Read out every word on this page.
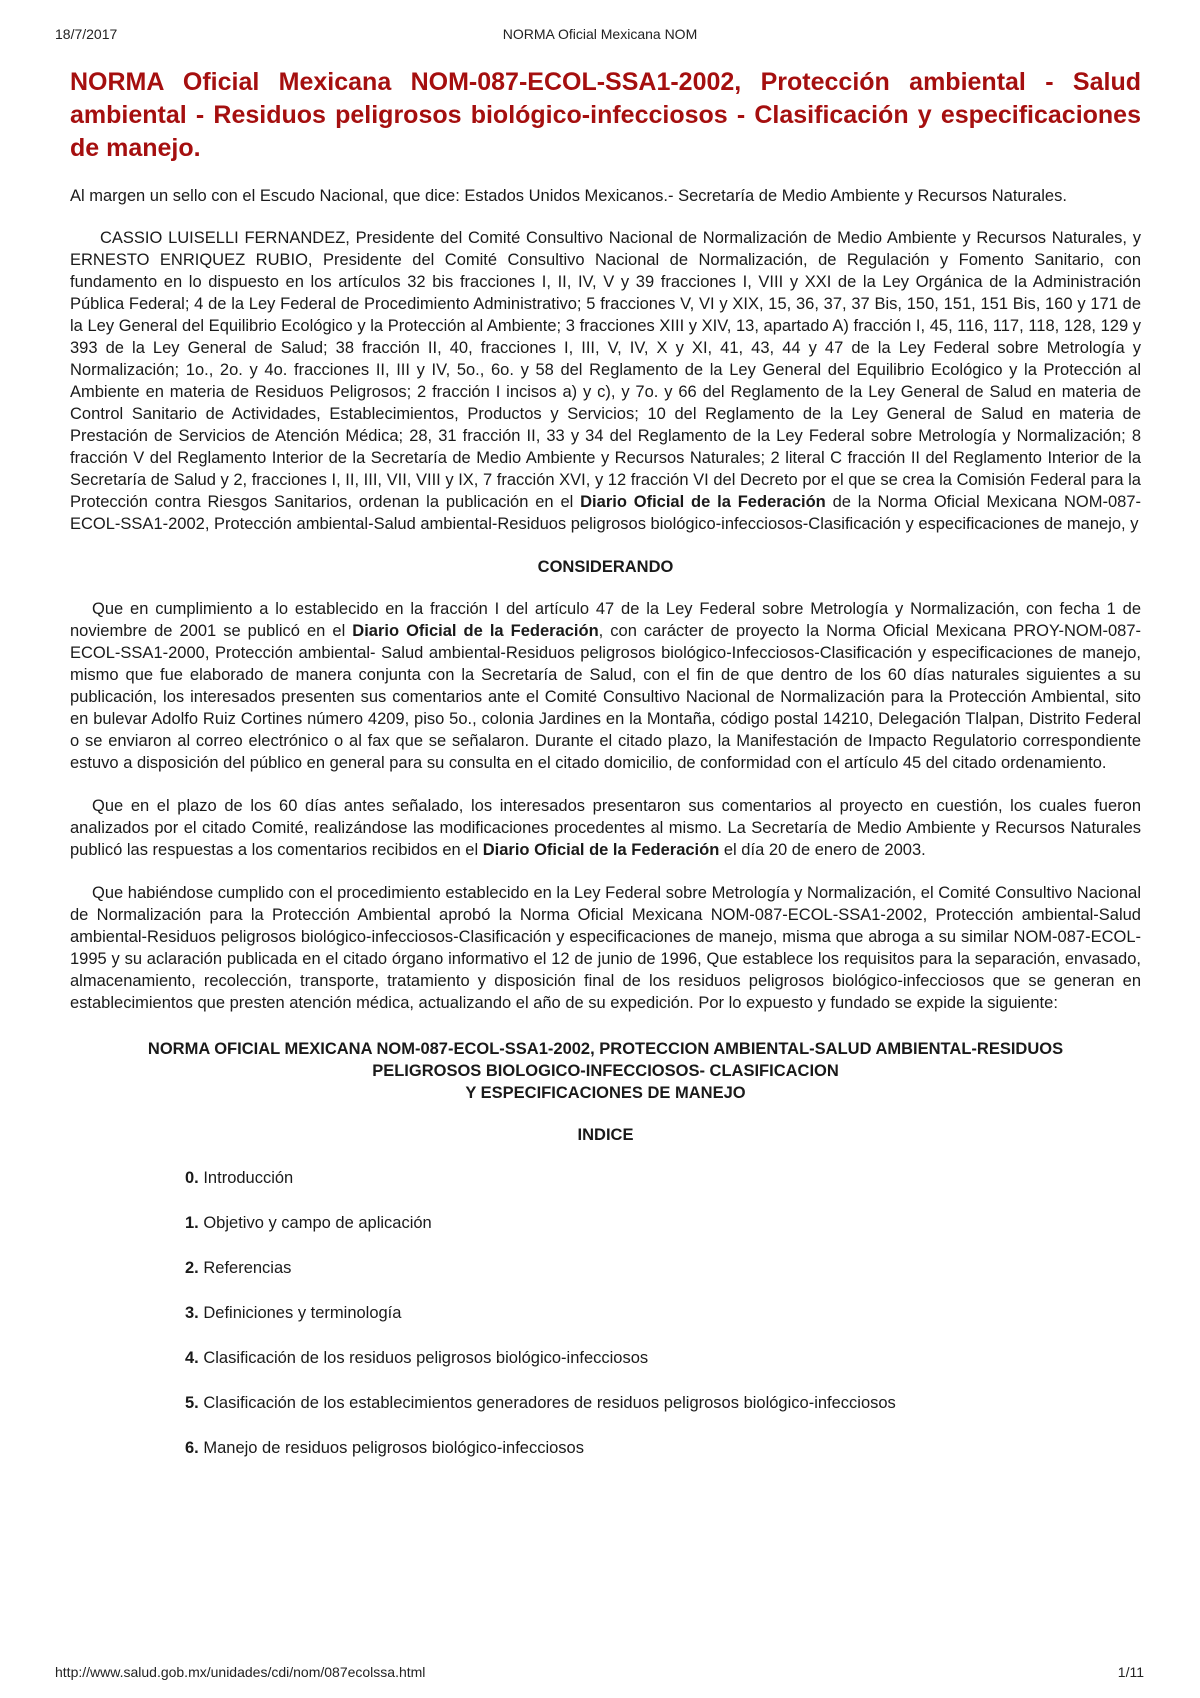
18/7/2017	NORMA Oficial Mexicana NOM
NORMA Oficial Mexicana NOM-087-ECOL-SSA1-2002, Protección ambiental - Salud ambiental - Residuos peligrosos biológico-infecciosos - Clasificación y especificaciones de manejo.

Al margen un sello con el Escudo Nacional, que dice: Estados Unidos Mexicanos.- Secretaría de Medio Ambiente y Recursos Naturales.

CASSIO LUISELLI FERNANDEZ, Presidente del Comité Consultivo Nacional de Normalización de Medio Ambiente y Recursos Naturales, y ERNESTO ENRIQUEZ RUBIO, Presidente del Comité Consultivo Nacional de Normalización, de Regulación y Fomento Sanitario, con fundamento en lo dispuesto en los artículos 32 bis fracciones I, II, IV, V y 39 fracciones I, VIII y XXI de la Ley Orgánica de la Administración Pública Federal; 4 de la Ley Federal de Procedimiento Administrativo; 5 fracciones V, VI y XIX, 15, 36, 37, 37 Bis, 150, 151, 151 Bis, 160 y 171 de la Ley General del Equilibrio Ecológico y la Protección al Ambiente; 3 fracciones XIII y XIV, 13, apartado A) fracción I, 45, 116, 117, 118, 128, 129 y 393 de la Ley General de Salud; 38 fracción II, 40, fracciones I, III, V, IV, X y XI, 41, 43, 44 y 47 de la Ley Federal sobre Metrología y Normalización; 1o., 2o. y 4o. fracciones II, III y IV, 5o., 6o. y 58 del Reglamento de la Ley General del Equilibrio Ecológico y la Protección al Ambiente en materia de Residuos Peligrosos; 2 fracción I incisos a) y c), y 7o. y 66 del Reglamento de la Ley General de Salud en materia de Control Sanitario de Actividades, Establecimientos, Productos y Servicios; 10 del Reglamento de la Ley General de Salud en materia de Prestación de Servicios de Atención Médica; 28, 31 fracción II, 33 y 34 del Reglamento de la Ley Federal sobre Metrología y Normalización; 8 fracción V del Reglamento Interior de la Secretaría de Medio Ambiente y Recursos Naturales; 2 literal C fracción II del Reglamento Interior de la Secretaría de Salud y 2, fracciones I, II, III, VII, VIII y IX, 7 fracción XVI, y 12 fracción VI del Decreto por el que se crea la Comisión Federal para la Protección contra Riesgos Sanitarios, ordenan la publicación en el Diario Oficial de la Federación de la Norma Oficial Mexicana NOM-087-ECOL-SSA1-2002, Protección ambiental-Salud ambiental-Residuos peligrosos biológico-infecciosos-Clasificación y especificaciones de manejo, y

CONSIDERANDO

Que en cumplimiento a lo establecido en la fracción I del artículo 47 de la Ley Federal sobre Metrología y Normalización, con fecha 1 de noviembre de 2001 se publicó en el Diario Oficial de la Federación, con carácter de proyecto la Norma Oficial Mexicana PROY-NOM-087-ECOL-SSA1-2000, Protección ambiental- Salud ambiental-Residuos peligrosos biológico-Infecciosos-Clasificación y especificaciones de manejo, mismo que fue elaborado de manera conjunta con la Secretaría de Salud, con el fin de que dentro de los 60 días naturales siguientes a su publicación, los interesados presenten sus comentarios ante el Comité Consultivo Nacional de Normalización para la Protección Ambiental, sito en bulevar Adolfo Ruiz Cortines número 4209, piso 5o., colonia Jardines en la Montaña, código postal 14210, Delegación Tlalpan, Distrito Federal o se enviaron al correo electrónico o al fax que se señalaron. Durante el citado plazo, la Manifestación de Impacto Regulatorio correspondiente estuvo a disposición del público en general para su consulta en el citado domicilio, de conformidad con el artículo 45 del citado ordenamiento.

Que en el plazo de los 60 días antes señalado, los interesados presentaron sus comentarios al proyecto en cuestión, los cuales fueron analizados por el citado Comité, realizándose las modificaciones procedentes al mismo. La Secretaría de Medio Ambiente y Recursos Naturales publicó las respuestas a los comentarios recibidos en el Diario Oficial de la Federación el día 20 de enero de 2003.

Que habiéndose cumplido con el procedimiento establecido en la Ley Federal sobre Metrología y Normalización, el Comité Consultivo Nacional de Normalización para la Protección Ambiental aprobó la Norma Oficial Mexicana NOM-087-ECOL-SSA1-2002, Protección ambiental-Salud ambiental-Residuos peligrosos biológico-infecciosos-Clasificación y especificaciones de manejo, misma que abroga a su similar NOM-087-ECOL-1995 y su aclaración publicada en el citado órgano informativo el 12 de junio de 1996, Que establece los requisitos para la separación, envasado, almacenamiento, recolección, transporte, tratamiento y disposición final de los residuos peligrosos biológico-infecciosos que se generan en establecimientos que presten atención médica, actualizando el año de su expedición. Por lo expuesto y fundado se expide la siguiente:

NORMA OFICIAL MEXICANA NOM-087-ECOL-SSA1-2002, PROTECCION AMBIENTAL-SALUD AMBIENTAL-RESIDUOS

PELIGROSOS BIOLOGICO-INFECCIOSOS- CLASIFICACION

Y ESPECIFICACIONES DE MANEJO

INDICE

0. Introducción
1. Objetivo y campo de aplicación
2. Referencias
3. Definiciones y terminología
4. Clasificación de los residuos peligrosos biológico-infecciosos
5. Clasificación de los establecimientos generadores de residuos peligrosos biológico-infecciosos
6. Manejo de residuos peligrosos biológico-infecciosos
http://www.salud.gob.mx/unidades/cdi/nom/087ecolssa.html	1/11
